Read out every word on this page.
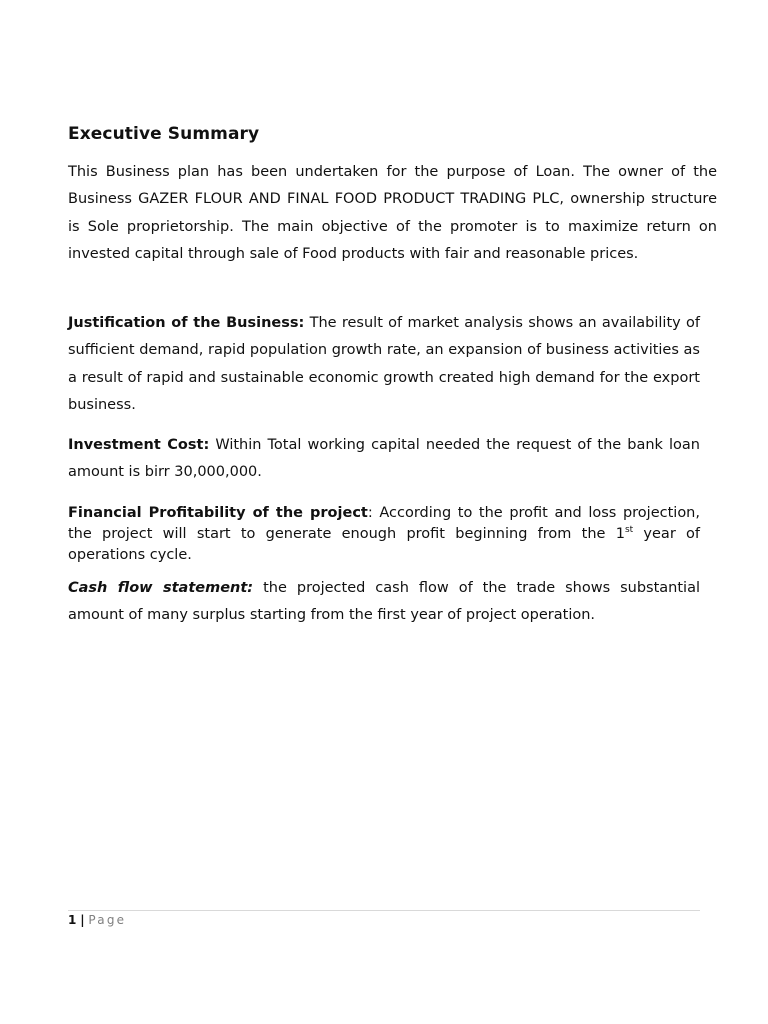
Executive Summary

This Business plan has been undertaken for the purpose of Loan. The owner of the Business GAZER FLOUR AND FINAL FOOD PRODUCT TRADING PLC, ownership structure is Sole proprietorship. The main objective of the promoter is to maximize return on invested capital through sale of Food products with fair and reasonable prices.

Justification of the Business: The result of market analysis shows an availability of sufficient demand, rapid population growth rate, an expansion of business activities as a result of rapid and sustainable economic growth created high demand for the export business.

Investment Cost: Within Total working capital needed the request of the bank loan amount is birr 30,000,000.

Financial Profitability of the project: According to the profit and loss projection, the project will start to generate enough profit beginning from the 1st year of operations cycle.

Cash flow statement: the projected cash flow of the trade shows substantial amount of many surplus starting from the first year of project operation.

1 | Page
